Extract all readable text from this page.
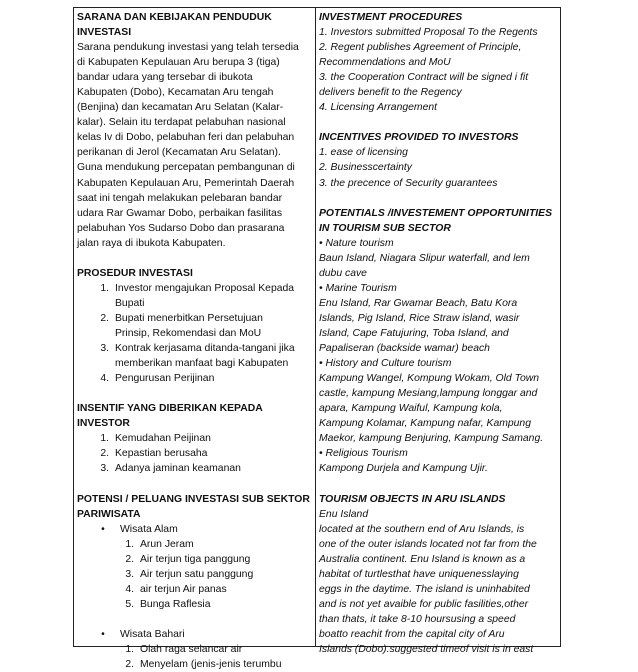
SARANA DAN KEBIJAKAN PENDUDUK INVESTASI

Sarana pendukung investasi yang telah tersedia

di Kabupaten Kepulauan Aru berupa 3 (tiga)

bandar udara yang tersebar di ibukota

Kabupaten (Dobo), Kecamatan Aru tengah

(Benjina) dan kecamatan Aru Selatan (Kalar-

kalar). Selain itu terdapat pelabuhan nasional

kelas Iv di Dobo, pelabuhan feri dan pelabuhan

perikanan di Jerol (Kecamatan Aru Selatan).

Guna mendukung percepatan pembangunan di

Kabupaten Kepulauan Aru, Pemerintah Daerah

saat ini tengah melakukan pelebaran bandar

udara Rar Gwamar Dobo, perbaikan fasilitas

pelabuhan Yos Sudarso Dobo dan prasarana

jalan raya di ibukota Kabupaten.

PROSEDUR INVESTASI

1. Investor mengajukan Proposal Kepada
Bupati
2. Bupati menerbitkan Persetujuan
Prinsip, Rekomendasi dan MoU
3. Kontrak kerjasama ditanda-tangani jika
memberikan manfaat bagi Kabupaten
4. Pengurusan Perijinan

INSENTIF YANG DIBERIKAN KEPADA INVESTOR

1. Kemudahan Peijinan
2. Kepastian berusaha
3. Adanya jaminan keamanan

POTENSI / PELUANG INVESTASI SUB SEKTOR

PARIWISATA

•	Wisata Alam
1. Arun Jeram
2. Air terjun tiga panggung
3. Air terjun satu panggung
4. air terjun Air panas
5. Bunga Raflesia
•	Wisata Bahari
1. Olah raga selancar air
2. Menyelam (jenis-jenis terumbu

INVESTMENT PROCEDURES

1. Investors submitted Proposal To the Regents

2. Regent publishes Agreement of Principle,

Recommendations and MoU

3. the Cooperation Contract will be signed i fit

delivers benefit to the Regency

4. Licensing Arrangement

INCENTIVES PROVIDED TO INVESTORS

1. ease of licensing

2. Businesscertainty

3. the precence of Security guarantees

POTENTIALS /INVESTEMENT OPPORTUNITIES

IN TOURISM SUB SECTOR

• Nature tourism

Baun Island, Niagara Slipur waterfall, and lem

dubu cave

• Marine Tourism

Enu Island, Rar Gwamar Beach, Batu Kora

Islands, Pig Island, Rice Straw island, wasir

Island, Cape Fatujuring, Toba Island, and

Papaliseran (backside wamar) beach

• History and Culture tourism

Kampung Wangel, Kompung Wokam, Old Town

castle, kampung Mesiang,lampung longgar and

apara, Kampung Waiful, Kampung kola,

Kampung Kolamar, Kampung nafar, Kampung

Maekor, kampung Benjuring, Kampung Samang.

• Religious Tourism

Kampong Durjela and Kampung Ujir.

TOURISM OBJECTS IN ARU ISLANDS

Enu Island

located at the southern end of Aru Islands, is

one of the outer islands located not far from the

Australia continent. Enu Island is known as a

habitat of turtlesthat have uniquenesslaying

eggs in the daytime. The island is uninhabited

and is not yet avaible for public fasilities,other

than thats, it take 8-10 hoursusing a speed

boatto reachit from the capital city of Aru

Islands (Dobo).suggested timeof visit is in east
